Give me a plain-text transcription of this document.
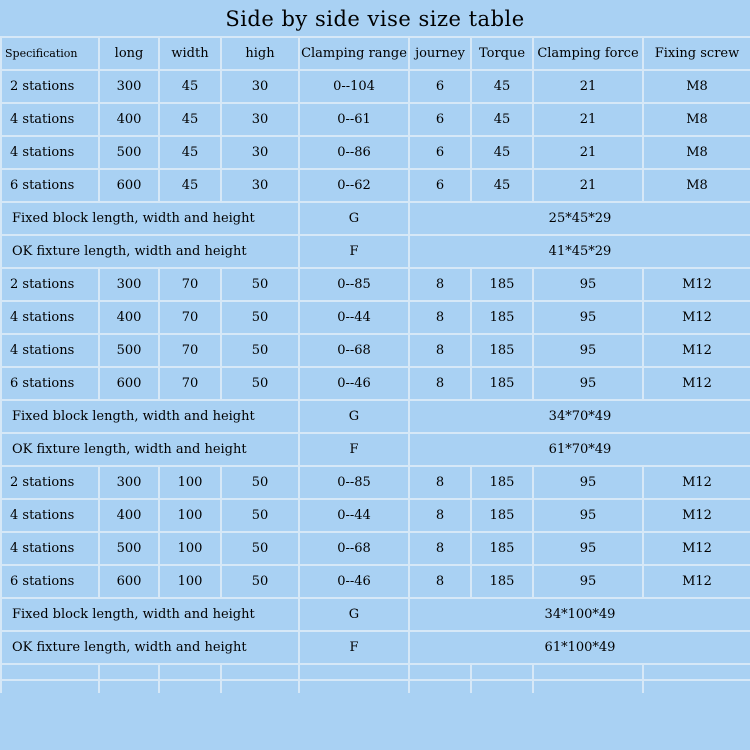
Side by side vise size table
Specification	long	width	high	Clamping range	journey	Torque	Clamping force	Fixing screw
2 stations	300	45	30	0--104	6	45	21	M8
4 stations	400	45	30	0--61	6	45	21	M8
4 stations	500	45	30	0--86	6	45	21	M8
6 stations	600	45	30	0--62	6	45	21	M8
Fixed block length, width and height				G	25*45*29			
OK fixture length, width and height				F	41*45*29			
2 stations	300	70	50	0--85	8	185	95	M12
4 stations	400	70	50	0--44	8	185	95	M12
4 stations	500	70	50	0--68	8	185	95	M12
6 stations	600	70	50	0--46	8	185	95	M12
Fixed block length, width and height				G	34*70*49			
OK fixture length, width and height				F	61*70*49			
2 stations	300	100	50	0--85	8	185	95	M12
4 stations	400	100	50	0--44	8	185	95	M12
4 stations	500	100	50	0--68	8	185	95	M12
6 stations	600	100	50	0--46	8	185	95	M12
Fixed block length, width and height				G	34*100*49			
OK fixture length, width and height				F	61*100*49			
